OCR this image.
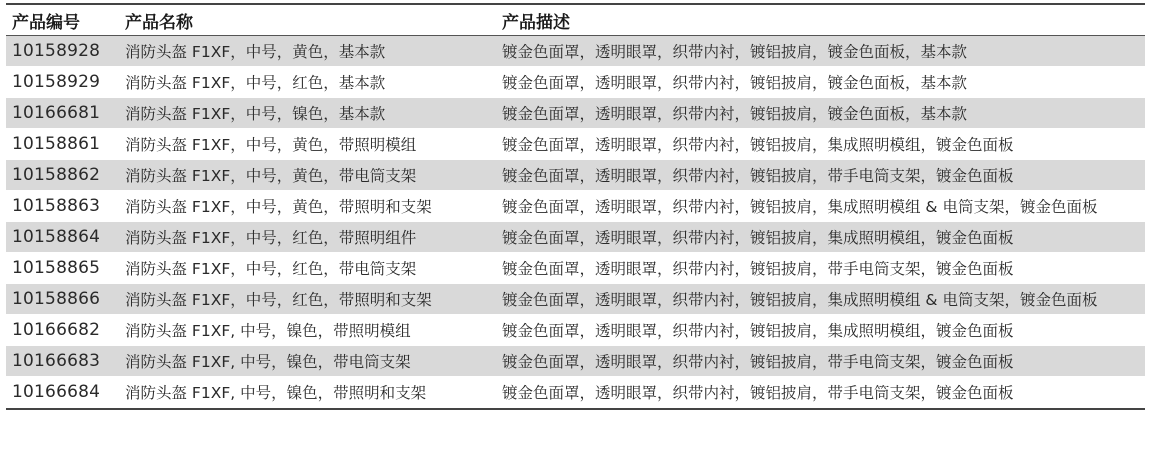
产品编号	产品名称	产品描述
10158928	消防头盔 F1XF，中号，黄色，基本款	镀金色面罩，透明眼罩，织带内衬，镀铝披肩，镀金色面板，基本款
10158929	消防头盔 F1XF，中号，红色，基本款	镀金色面罩，透明眼罩，织带内衬，镀铝披肩，镀金色面板，基本款
10166681	消防头盔 F1XF，中号，镍色，基本款	镀金色面罩，透明眼罩，织带内衬，镀铝披肩，镀金色面板，基本款
10158861	消防头盔 F1XF，中号，黄色，带照明模组	镀金色面罩，透明眼罩，织带内衬，镀铝披肩，集成照明模组，镀金色面板
10158862	消防头盔 F1XF，中号，黄色，带电筒支架	镀金色面罩，透明眼罩，织带内衬，镀铝披肩，带手电筒支架，镀金色面板
10158863	消防头盔 F1XF，中号，黄色，带照明和支架	镀金色面罩，透明眼罩，织带内衬，镀铝披肩，集成照明模组 & 电筒支架，镀金色面板
10158864	消防头盔 F1XF，中号，红色，带照明组件	镀金色面罩，透明眼罩，织带内衬，镀铝披肩，集成照明模组，镀金色面板
10158865	消防头盔 F1XF，中号，红色，带电筒支架	镀金色面罩，透明眼罩，织带内衬，镀铝披肩，带手电筒支架，镀金色面板
10158866	消防头盔 F1XF，中号，红色，带照明和支架	镀金色面罩，透明眼罩，织带内衬，镀铝披肩，集成照明模组 & 电筒支架，镀金色面板
10166682	消防头盔 F1XF, 中号，镍色，带照明模组	镀金色面罩，透明眼罩，织带内衬，镀铝披肩，集成照明模组，镀金色面板
10166683	消防头盔 F1XF, 中号，镍色，带电筒支架	镀金色面罩，透明眼罩，织带内衬，镀铝披肩，带手电筒支架，镀金色面板
10166684	消防头盔 F1XF, 中号，镍色，带照明和支架	镀金色面罩，透明眼罩，织带内衬，镀铝披肩，带手电筒支架，镀金色面板
